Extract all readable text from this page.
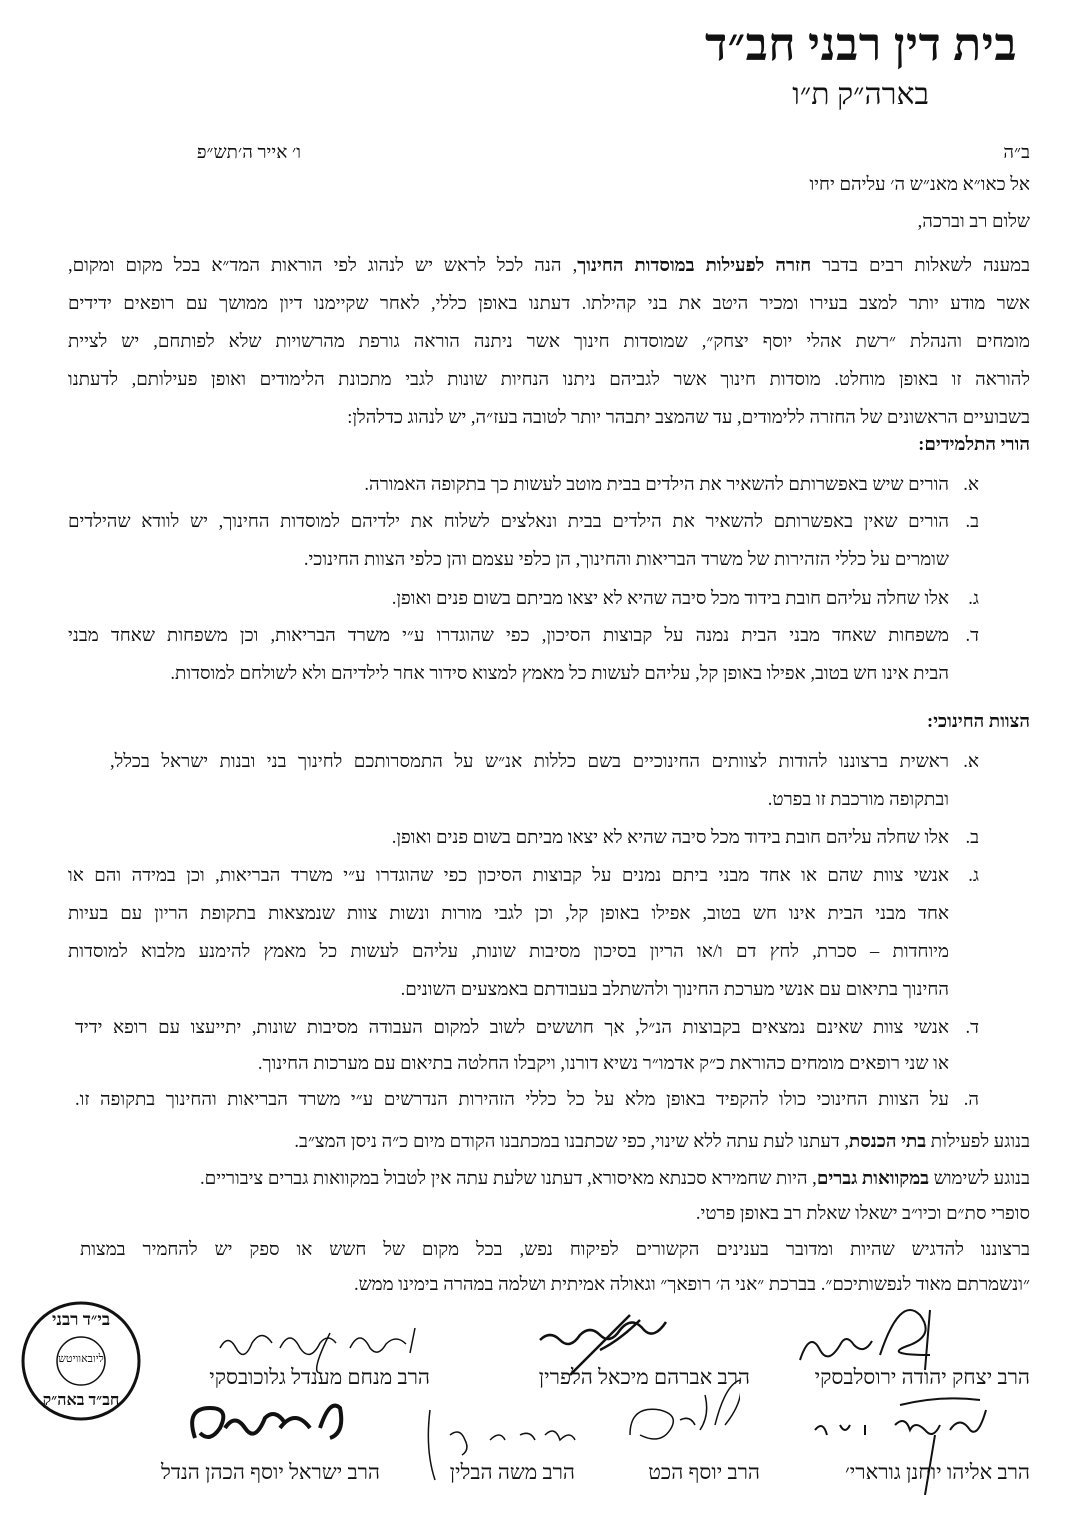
בית דין רבני חב״ד
בארה״ק ת״ו
ב״ה
ו׳ אייר ה׳תש״פ
אל כאו״א מאנ״ש ה׳ עליהם יחיו
שלום רב וברכה,
במענה לשאלות רבים בדבר חזרה לפעילות במוסדות החינוך, הנה לכל לראש יש לנהוג לפי הוראות המד״א בכל מקום ומקום,
אשר מודע יותר למצב בעירו ומכיר היטב את בני קהילתו. דעתנו באופן כללי, לאחר שקיימנו דיון ממושך עם רופאים ידידים
מומחים והנהלת ״רשת אהלי יוסף יצחק״, שמוסדות חינוך אשר ניתנה הוראה גורפת מהרשויות שלא לפותחם, יש לציית
להוראה זו באופן מוחלט. מוסדות חינוך אשר לגביהם ניתנו הנחיות שונות לגבי מתכונת הלימודים ואופן פעילותם, לדעתנו
בשבועיים הראשונים של החזרה ללימודים, עד שהמצב יתבהר יותר לטובה בעז״ה, יש לנהוג כדלהלן:
הורי התלמידים:
א.
הורים שיש באפשרותם להשאיר את הילדים בבית מוטב לעשות כך בתקופה האמורה.
ב.
הורים שאין באפשרותם להשאיר את הילדים בבית ונאלצים לשלוח את ילדיהם למוסדות החינוך, יש לוודא שהילדים
שומרים על כללי הזהירות של משרד הבריאות והחינוך, הן כלפי עצמם והן כלפי הצוות החינוכי.
ג.
אלו שחלה עליהם חובת בידוד מכל סיבה שהיא לא יצאו מביתם בשום פנים ואופן.
ד.
משפחות שאחד מבני הבית נמנה על קבוצות הסיכון, כפי שהוגדרו ע״י משרד הבריאות, וכן משפחות שאחד מבני
הבית אינו חש בטוב, אפילו באופן קל, עליהם לעשות כל מאמץ למצוא סידור אחר לילדיהם ולא לשולחם למוסדות.
הצוות החינוכי:
א.
ראשית ברצוננו להודות לצוותים החינוכיים בשם כללות אנ״ש על התמסרותכם לחינוך בני ובנות ישראל בכלל,
ובתקופה מורכבת זו בפרט.
ב.
אלו שחלה עליהם חובת בידוד מכל סיבה שהיא לא יצאו מביתם בשום פנים ואופן.
ג.
אנשי צוות שהם או אחד מבני ביתם נמנים על קבוצות הסיכון כפי שהוגדרו ע״י משרד הבריאות, וכן במידה והם או
אחד מבני הבית אינו חש בטוב, אפילו באופן קל, וכן לגבי מורות ונשות צוות שנמצאות בתקופת הריון עם בעיות
מיוחדות – סכרת, לחץ דם ו/או הריון בסיכון מסיבות שונות, עליהם לעשות כל מאמץ להימנע מלבוא למוסדות
החינוך בתיאום עם אנשי מערכת החינוך ולהשתלב בעבודתם באמצעים השונים.
ד.
אנשי צוות שאינם נמצאים בקבוצות הנ״ל, אך חוששים לשוב למקום העבודה מסיבות שונות, יתייעצו עם רופא ידיד
או שני רופאים מומחים כהוראת כ״ק אדמו״ר נשיא דורנו, ויקבלו החלטה בתיאום עם מערכות החינוך.
ה.
על הצוות החינוכי כולו להקפיד באופן מלא על כל כללי הזהירות הנדרשים ע״י משרד הבריאות והחינוך בתקופה זו.
בנוגע לפעילות בתי הכנסת, דעתנו לעת עתה ללא שינוי, כפי שכתבנו במכתבנו הקודם מיום כ״ה ניסן המצ״ב.
בנוגע לשימוש במקוואות גברים, היות שחמירא סכנתא מאיסורא, דעתנו שלעת עתה אין לטבול במקוואות גברים ציבוריים.
סופרי סת״ם וכיו״ב ישאלו שאלת רב באופן פרטי.
ברצוננו להדגיש שהיות ומדובר בענינים הקשורים לפיקוח נפש, בכל מקום של חשש או ספק יש להחמיר במצות
״ונשמרתם מאוד לנפשותיכם״. בברכת ״אני ה׳ רופאך״ וגאולה אמיתית ושלמה במהרה בימינו ממש.
הרב יצחק יהודה ירוסלבסקי
הרב אברהם מיכאל הלפרין
הרב מנחם מענדל גלוכובסקי
הרב אליהו יוחנן גורארי׳
הרב יוסף הכט
הרב משה הבלין
הרב ישראל יוסף הכהן הנדל
בי״ד רבני
ליובאוויטש
חב״ד באה״ק
